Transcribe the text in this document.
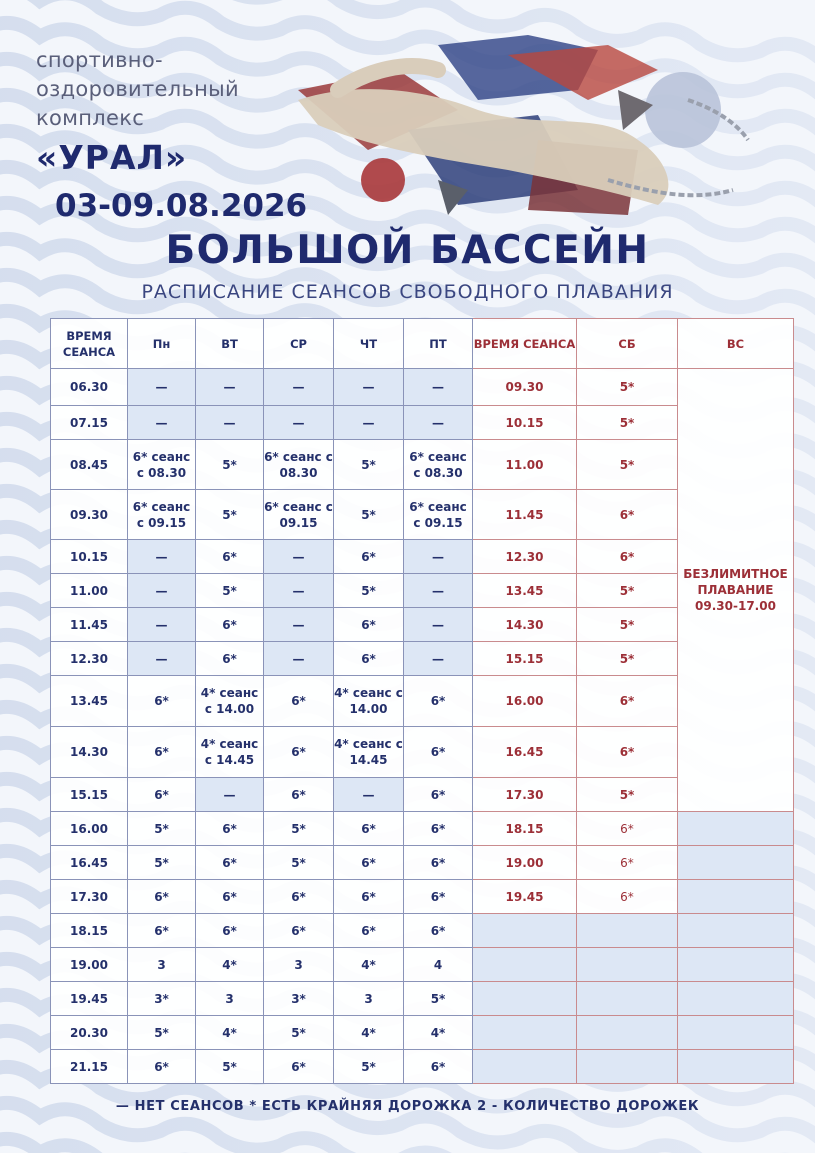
спортивно-
оздоровительный
комплекс
«УРАЛ»
03-09.08.2026
БОЛЬШОЙ БАССЕЙН
РАСПИСАНИЕ СЕАНСОВ СВОБОДНОГО ПЛАВАНИЯ
ВРЕМЯ СЕАНСА	Пн	ВТ	СР	ЧТ	ПТ	ВРЕМЯ СЕАНСА	СБ	ВС
06.30	—	—	—	—	—	09.30	5*	БЕЗЛИМИТНОЕ ПЛАВАНИЕ 09.30-17.00
07.15	—	—	—	—	—	10.15	5*	
08.45	6* сеанс с 08.30	5*	6* сеанс с 08.30	5*	6* сеанс с 08.30	11.00	5*	
09.30	6* сеанс с 09.15	5*	6* сеанс с 09.15	5*	6* сеанс с 09.15	11.45	6*	
10.15	—	6*	—	6*	—	12.30	6*	
11.00	—	5*	—	5*	—	13.45	5*	
11.45	—	6*	—	6*	—	14.30	5*	
12.30	—	6*	—	6*	—	15.15	5*	
13.45	6*	4* сеанс с 14.00	6*	4* сеанс с 14.00	6*	16.00	6*	
14.30	6*	4* сеанс с 14.45	6*	4* сеанс с 14.45	6*	16.45	6*	
15.15	6*	—	6*	—	6*	17.30	5*	
16.00	5*	6*	5*	6*	6*	18.15	6*	
16.45	5*	6*	5*	6*	6*	19.00	6*	
17.30	6*	6*	6*	6*	6*	19.45	6*	
18.15	6*	6*	6*	6*	6*			
19.00	3	4*	3	4*	4			
19.45	3*	3	3*	3	5*			
20.30	5*	4*	5*	4*	4*			
21.15	6*	5*	6*	5*	6*			
— НЕТ СЕАНСОВ * ЕСТЬ КРАЙНЯЯ ДОРОЖКА 2 - КОЛИЧЕСТВО ДОРОЖЕК
